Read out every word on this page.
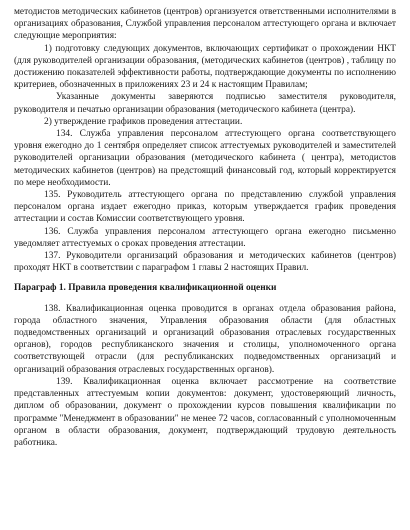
методистов методических кабинетов (центров) организуется ответственными исполнителями в организациях образования, Службой управления персоналом аттестующего органа и включает следующие мероприятия:

1) подготовку следующих документов, включающих сертификат о прохождении НКТ (для руководителей организации образования, (методических кабинетов (центров) , таблицу по достижению показателей эффективности работы, подтверждающие документы по исполнению критериев, обозначенных в приложениях 23 и 24 к настоящим Правилам;

Указанные документы заверяются подписью заместителя руководителя, руководителя и печатью организации образования (методического кабинета (центра).

2) утверждение графиков проведения аттестации.

134. Служба управления персоналом аттестующего органа соответствующего уровня ежегодно до 1 сентября определяет список аттестуемых руководителей и заместителей руководителей организации образования (методического кабинета ( центра), методистов методических кабинетов (центров) на предстоящий финансовый год, который корректируется по мере необходимости.

135. Руководитель аттестующего органа по представлению службой управления персоналом органа издает ежегодно приказ, которым утверждается график проведения аттестации и состав Комиссии соответствующего уровня.

136. Служба управления персоналом аттестующего органа ежегодно письменно уведомляет аттестуемых о сроках проведения аттестации.

137. Руководители организаций образования и методических кабинетов (центров) проходят НКТ в соответствии с параграфом 1 главы 2 настоящих Правил.

Параграф 1. Правила проведения квалификационной оценки

138. Квалификационная оценка проводится в органах отдела образования района, города областного значения, Управления образования области (для областных подведомственных организаций и организаций образования отраслевых государственных органов), городов республиканского значения и столицы, уполномоченного органа соответствующей отрасли (для республиканских подведомственных организаций и организаций образования отраслевых государственных органов).

139. Квалификационная оценка включает рассмотрение на соответствие представленных аттестуемым копии документов: документ, удостоверяющий личность, диплом об образовании, документ о прохождении курсов повышения квалификации по программе "Менеджмент в образовании" не менее 72 часов, согласованный с уполномоченным органом в области образования, документ, подтверждающий трудовую деятельность работника.
